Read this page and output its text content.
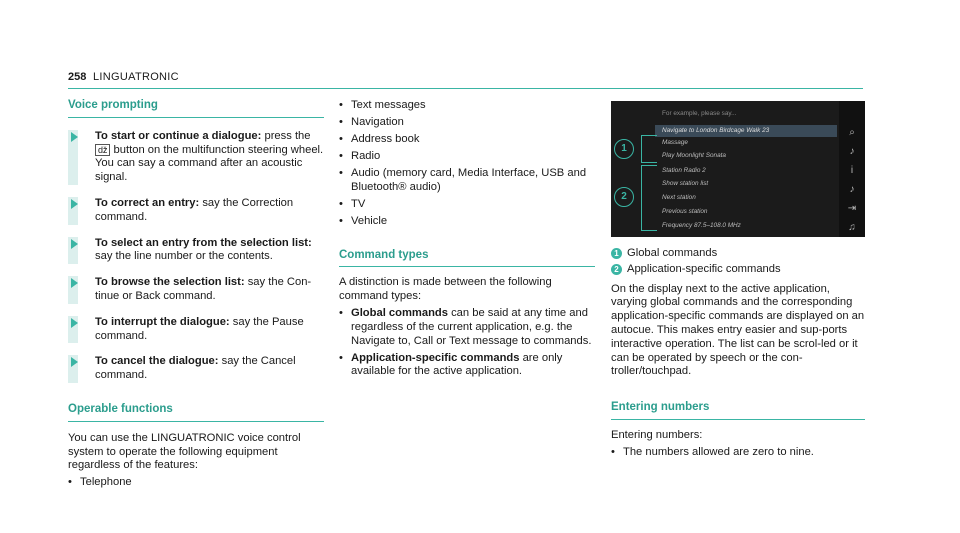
258 LINGUATRONIC
Voice prompting
To start or continue a dialogue: press the
ǆ button on the multifunction steering wheel.
You can say a command after an acoustic signal.
To correct an entry: say the Correction command.
To select an entry from the selection list: say the line number or the contents.
To browse the selection list: say the Con-tinue or Back command.
To interrupt the dialogue: say the Pause command.
To cancel the dialogue: say the Cancel command.
Operable functions

You can use the LINGUATRONIC voice control system to operate the following equipment regardless of the features:

• Telephone
• Text messages
• Navigation
• Address book
• Radio
• Audio (memory card, Media Interface, USB and Bluetooth® audio)
• TV
• Vehicle
Command types

A distinction is made between the following command types:

• Global commands can be said at any time and regardless of the current application, e.g. the Navigate to, Call or Text message to commands.
• Application-specific commands are only available for the active application.
For example, please say...
Navigate to London Birdcage Walk 23
Massage
Play Moonlight Sonata
Station Radio 2
Show station list
Next station
Previous station
Frequency 87.5–108.0 MHz
1
2
⌕
♪
i
♪
⇥
♫
1 Global commands
2 Application-specific commands

On the display next to the active application, varying global commands and the corresponding application-specific commands are displayed on an autocue. This makes entry easier and sup-ports interactive operation. The list can be scrol-led or it can be operated by speech or the con-troller/touchpad.

Entering numbers

Entering numbers:

• The numbers allowed are zero to nine.
